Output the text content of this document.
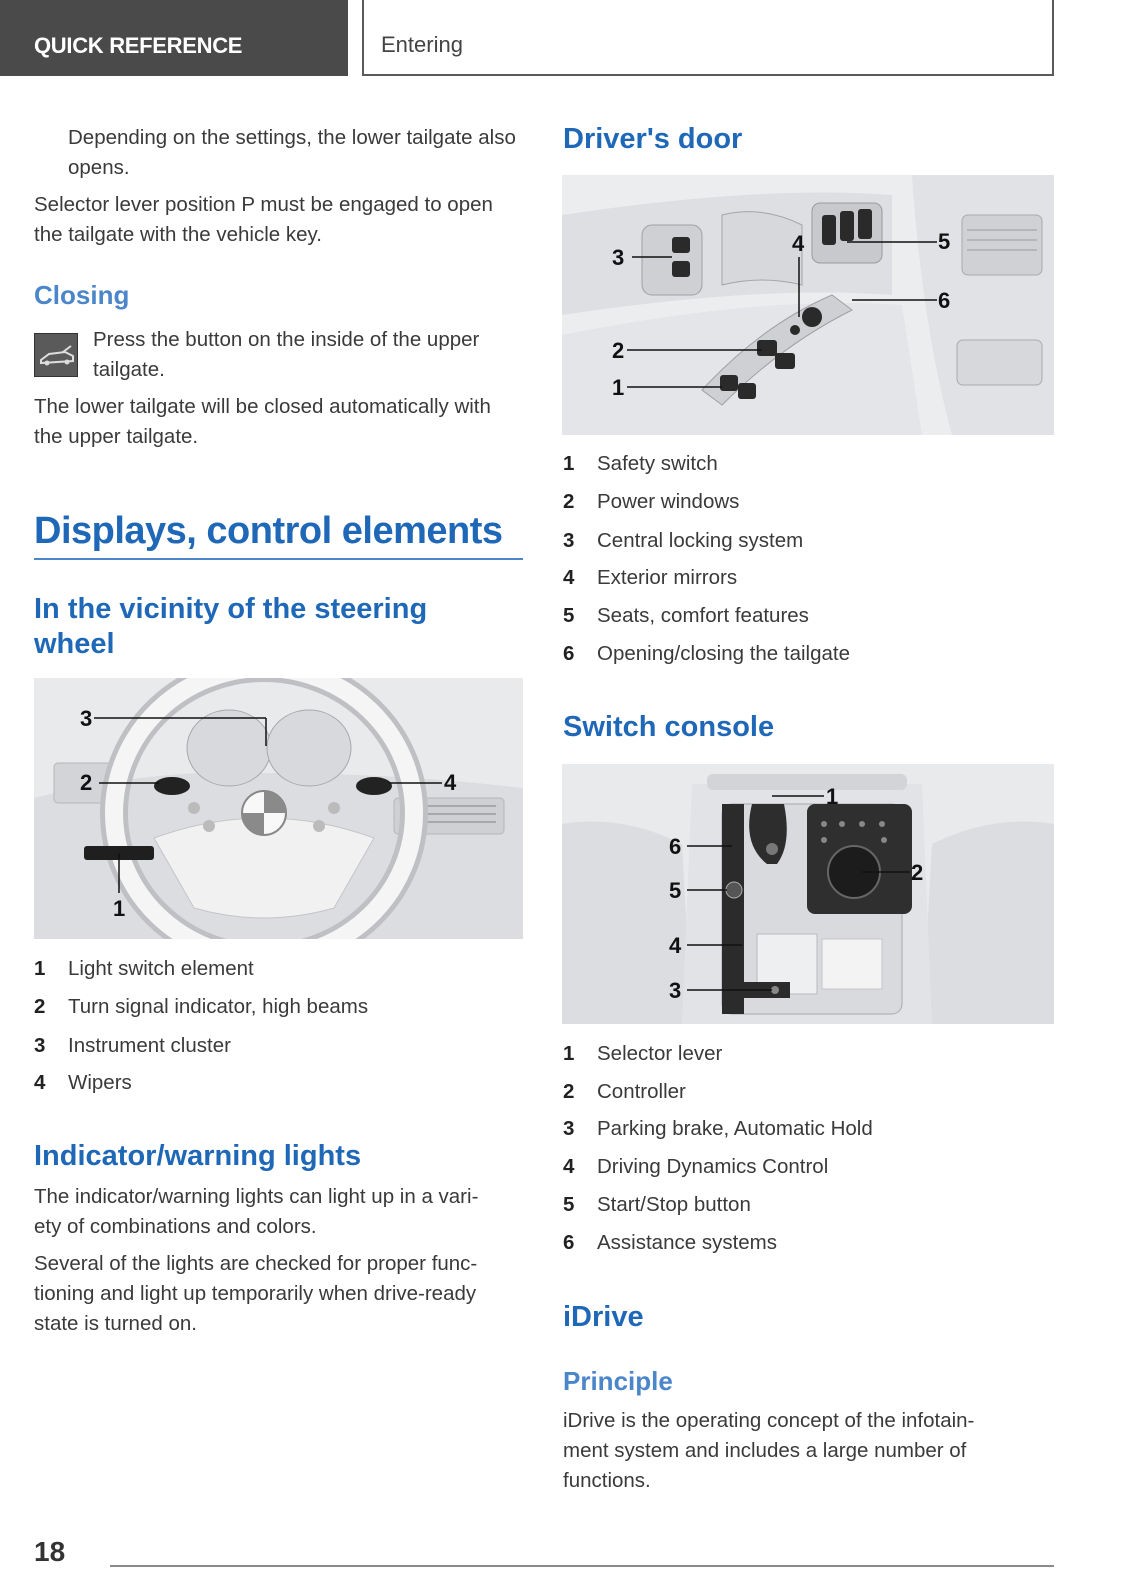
QUICK REFERENCE	Entering
Depending on the settings, the lower tailgate also opens.
Selector lever position P must be engaged to open the tailgate with the vehicle key.
Closing
Press the button on the inside of the upper tailgate.
The lower tailgate will be closed automatically with the upper tailgate.
Displays, control elements
In the vicinity of the steering
wheel
3
2	4
1
1 Light switch element
2 Turn signal indicator, high beams
3 Instrument cluster
4 Wipers
Indicator/warning lights
The indicator/warning lights can light up in a vari-
ety of combinations and colors.
Several of the lights are checked for proper func-
tioning and light up temporarily when drive-ready
state is turned on.
Driver's door
3
4	5
6
2
1
1 Safety switch
2 Power windows
3 Central locking system
4 Exterior mirrors
5 Seats, comfort features
6 Opening/closing the tailgate
Switch console
1
2
6
5
4
3
1 Selector lever
2 Controller
3 Parking brake, Automatic Hold
4 Driving Dynamics Control
5 Start/Stop button
6 Assistance systems
iDrive
Principle
iDrive is the operating concept of the infotain-
ment system and includes a large number of
functions.
18
